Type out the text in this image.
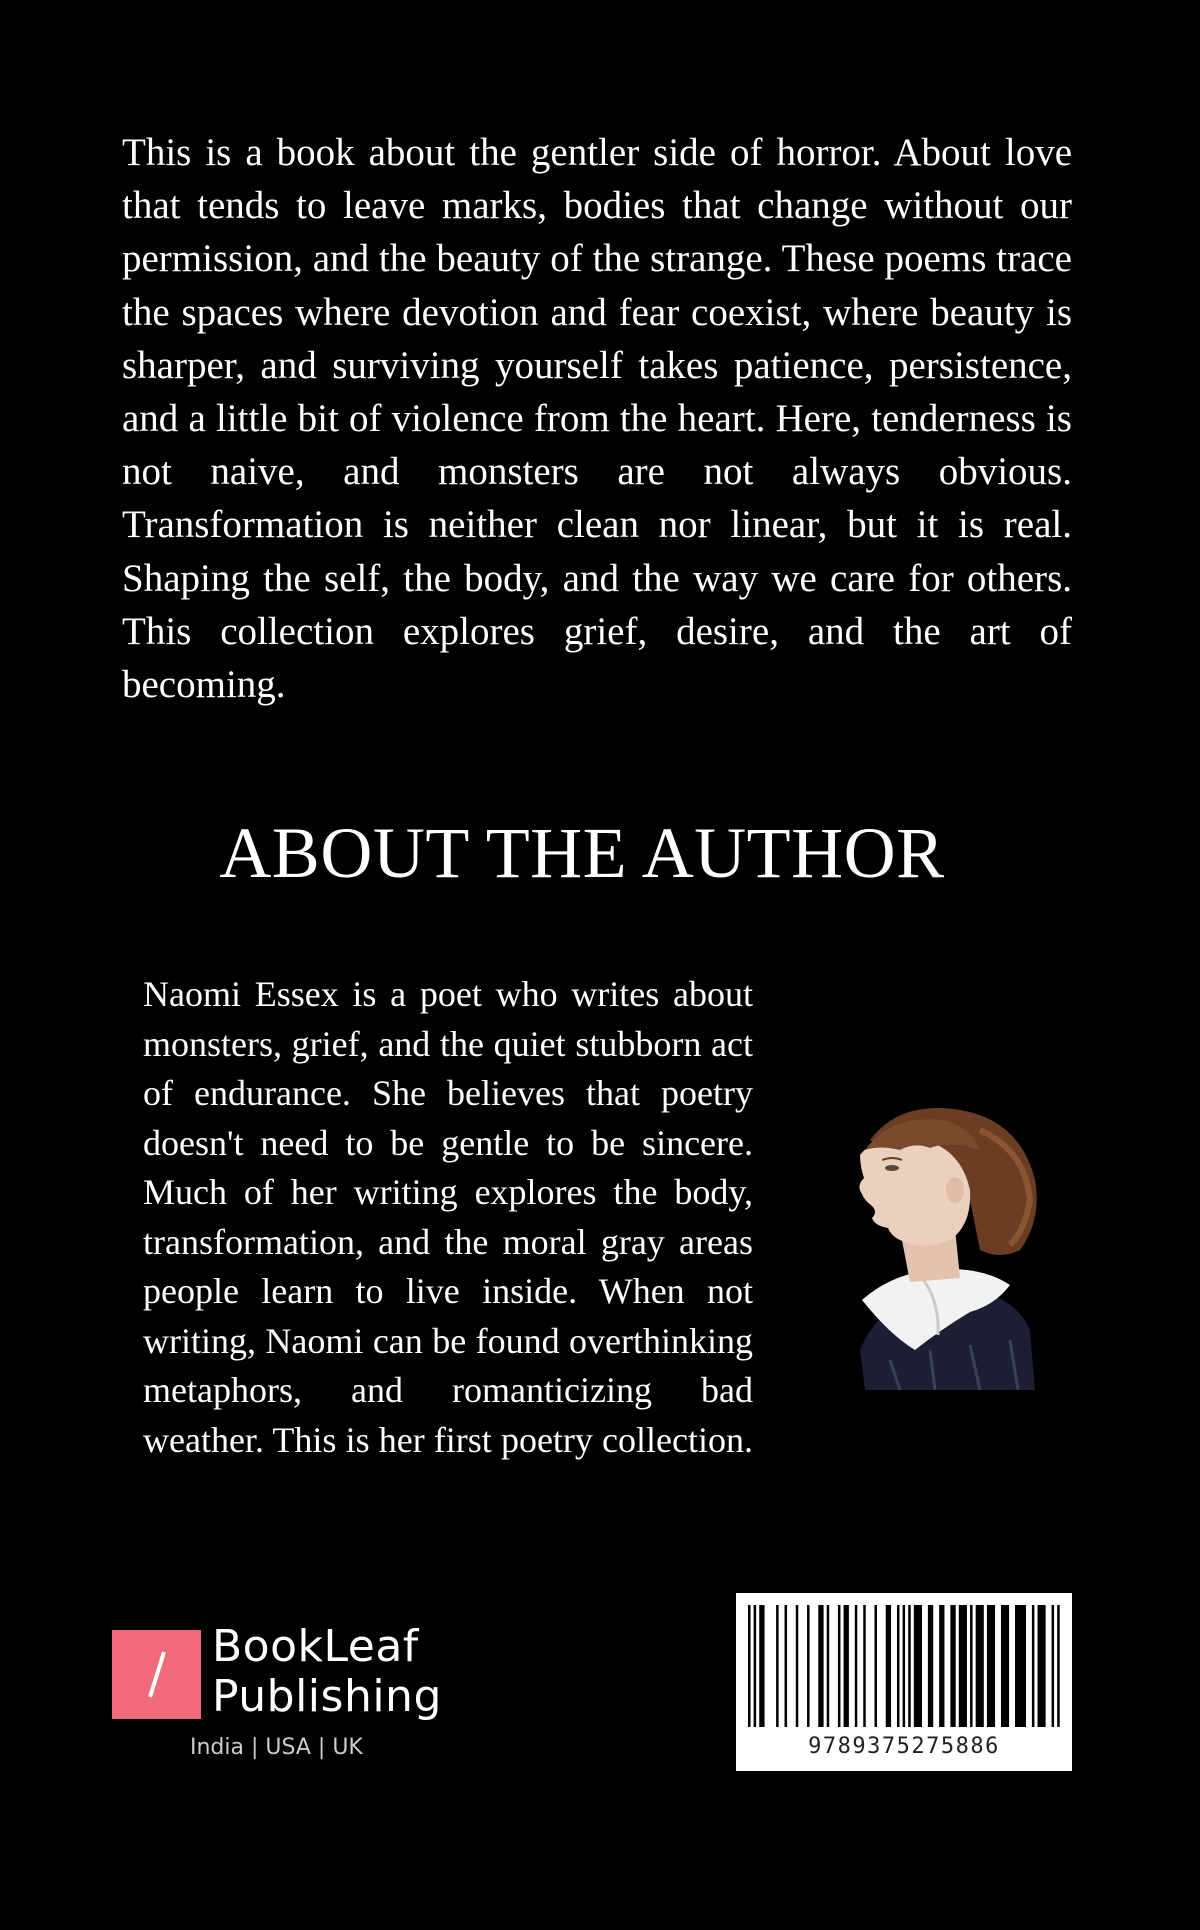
This is a book about the gentler side of horror. About love that tends to leave marks, bodies that change without our permission, and the beauty of the strange. These poems trace the spaces where devotion and fear coexist, where beauty is sharper, and surviving yourself takes patience, persistence, and a little bit of violence from the heart. Here, tenderness is not naive, and monsters are not always obvious. Transformation is neither clean nor linear, but it is real. Shaping the self, the body, and the way we care for others. This collection explores grief, desire, and the art of becoming.

ABOUT THE AUTHOR

Naomi Essex is a poet who writes about monsters, grief, and the quiet stubborn act of endurance. She believes that poetry doesn't need to be gentle to be sincere. Much of her writing explores the body, transformation, and the moral gray areas people learn to live inside. When not writing, Naomi can be found overthinking metaphors, and romanticizing bad weather. This is her first poetry collection.

BookLeaf
Publishing
India | USA | UK	9789375275886
